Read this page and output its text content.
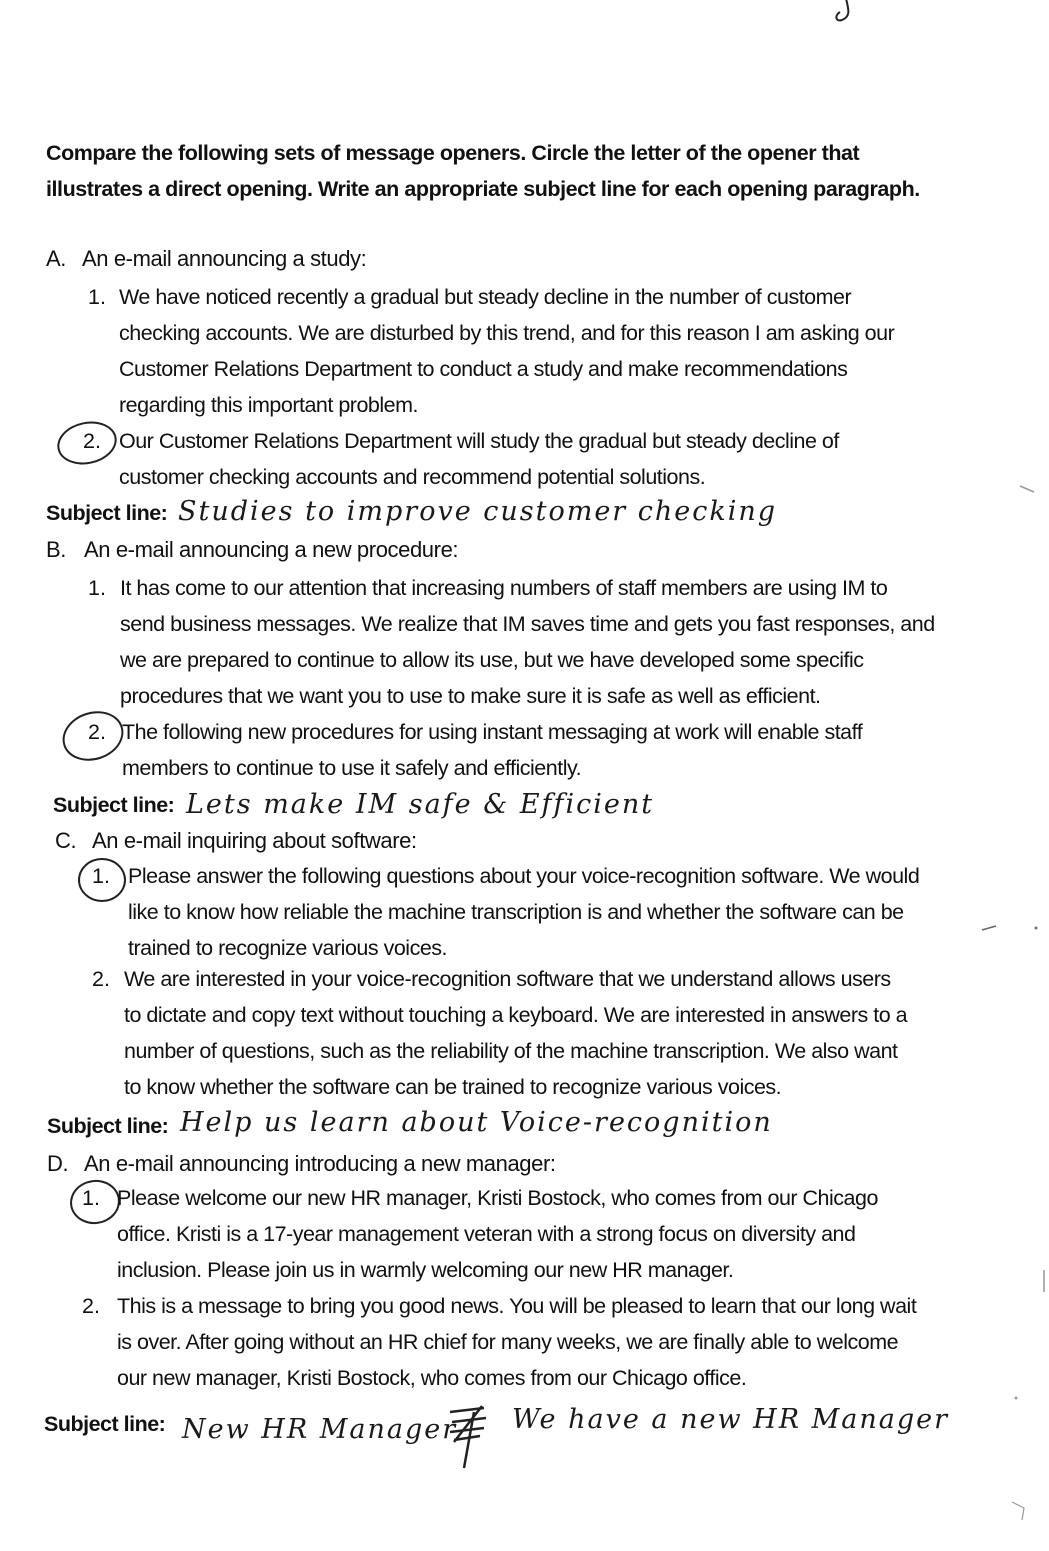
Compare the following sets of message openers. Circle the letter of the opener that
illustrates a direct opening. Write an appropriate subject line for each opening paragraph.
A. An e-mail announcing a study:
1. We have noticed recently a gradual but steady decline in the number of customer
checking accounts. We are disturbed by this trend, and for this reason I am asking our
Customer Relations Department to conduct a study and make recommendations
regarding this important problem.
2. Our Customer Relations Department will study the gradual but steady decline of
customer checking accounts and recommend potential solutions.
Subject line: Studies to improve customer checking
B. An e-mail announcing a new procedure:
1. It has come to our attention that increasing numbers of staff members are using IM to
send business messages. We realize that IM saves time and gets you fast responses, and
we are prepared to continue to allow its use, but we have developed some specific
procedures that we want you to use to make sure it is safe as well as efficient.
2. The following new procedures for using instant messaging at work will enable staff
members to continue to use it safely and efficiently.
Subject line: Lets make IM safe & Efficient
C. An e-mail inquiring about software:
1. Please answer the following questions about your voice-recognition software. We would
like to know how reliable the machine transcription is and whether the software can be
trained to recognize various voices.
2. We are interested in your voice-recognition software that we understand allows users
to dictate and copy text without touching a keyboard. We are interested in answers to a
number of questions, such as the reliability of the machine transcription. We also want
to know whether the software can be trained to recognize various voices.
Subject line: Help us learn about Voice-recognition
D. An e-mail announcing introducing a new manager:
1. Please welcome our new HR manager, Kristi Bostock, who comes from our Chicago
office. Kristi is a 17-year management veteran with a strong focus on diversity and
inclusion. Please join us in warmly welcoming our new HR manager.
2. This is a message to bring you good news. You will be pleased to learn that our long wait
is over. After going without an HR chief for many weeks, we are finally able to welcome
our new manager, Kristi Bostock, who comes from our Chicago office.
Subject line: New HR Manager We have a new HR Manager
